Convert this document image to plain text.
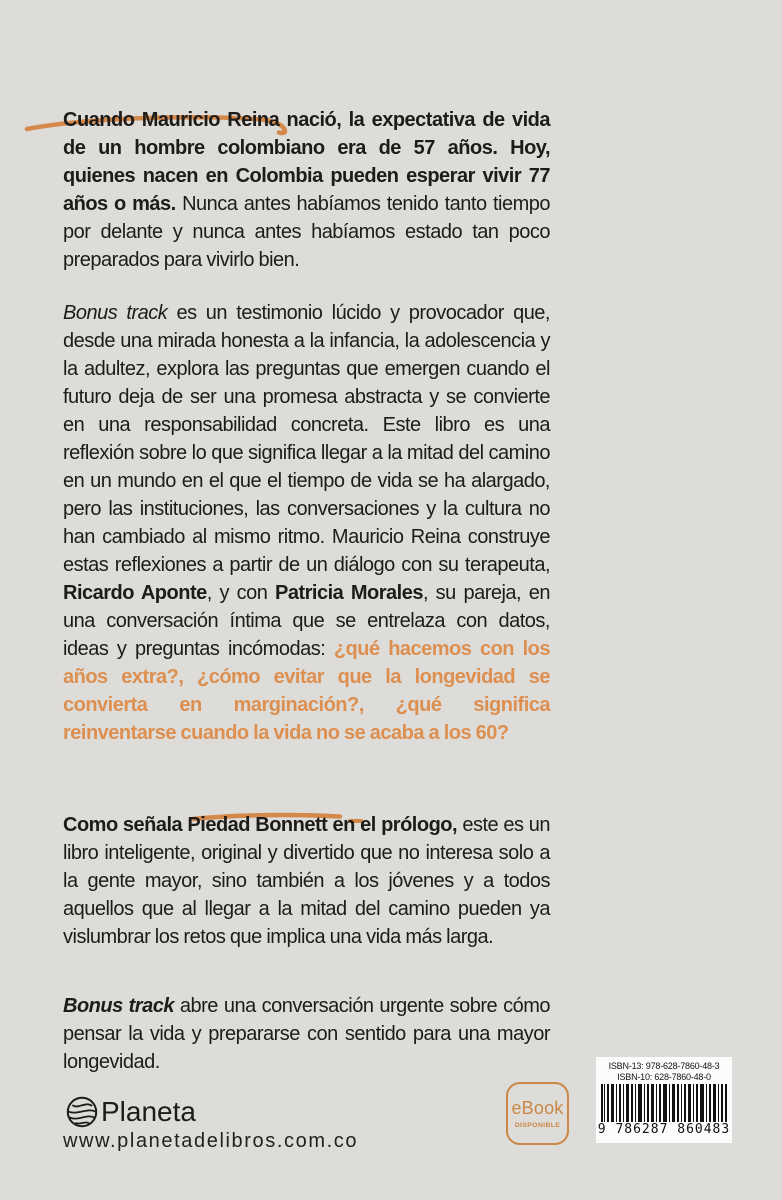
Cuando Mauricio Reina nació, la expectativa de vida de un hombre colombiano era de 57 años. Hoy, quienes nacen en Colombia pueden esperar vivir 77 años o más. Nunca antes habíamos tenido tanto tiempo por delante y nunca antes habíamos estado tan poco preparados para vivirlo bien.

Bonus track es un testimonio lúcido y provocador que, desde una mirada honesta a la infancia, la adolescencia y la adultez, explora las preguntas que emergen cuando el futuro deja de ser una promesa abstracta y se convierte en una responsabilidad concreta. Este libro es una reflexión sobre lo que significa llegar a la mitad del camino en un mundo en el que el tiempo de vida se ha alargado, pero las instituciones, las conversaciones y la cultura no han cambiado al mismo ritmo. Mauricio Reina construye estas reflexiones a partir de un diálogo con su terapeuta, Ricardo Aponte, y con Patricia Morales, su pareja, en una conversación íntima que se entrelaza con datos, ideas y preguntas incómodas: ¿qué hacemos con los años extra?, ¿cómo evitar que la longevidad se convierta en marginación?, ¿qué significa reinventarse cuando la vida no se acaba a los 60?

Como señala Piedad Bonnett en el prólogo, este es un libro inteligente, original y divertido que no interesa solo a la gente mayor, sino también a los jóvenes y a todos aquellos que al llegar a la mitad del camino pueden ya vislumbrar los retos que implica una vida más larga.

Bonus track abre una conversación urgente sobre cómo pensar la vida y prepararse con sentido para una mayor longevidad.

Planeta
www.planetadelibros.com.co
eBook
DISPONIBLE
ISBN-13: 978-628-7860-48-3
ISBN-10: 628-7860-48-0
9 786287 860483
